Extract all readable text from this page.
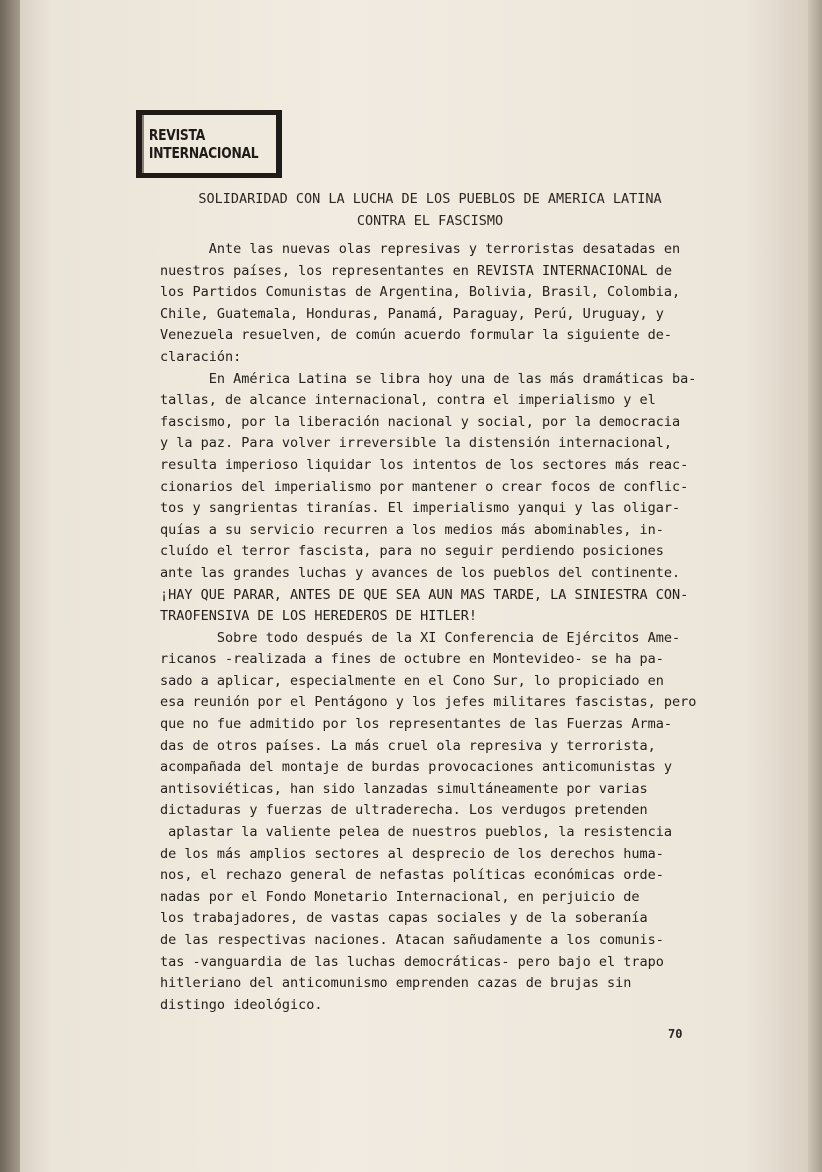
REVISTA
INTERNACIONAL
SOLIDARIDAD CON LA LUCHA DE LOS PUEBLOS DE AMERICA LATINA
CONTRA EL FASCISMO
Ante las nuevas olas represivas y terroristas desatadas en
nuestros países, los representantes en REVISTA INTERNACIONAL de
los Partidos Comunistas de Argentina, Bolivia, Brasil, Colombia,
Chile, Guatemala, Honduras, Panamá, Paraguay, Perú, Uruguay, y
Venezuela resuelven, de común acuerdo formular la siguiente de-
claración:
En América Latina se libra hoy una de las más dramáticas ba-
tallas, de alcance internacional, contra el imperialismo y el
fascismo, por la liberación nacional y social, por la democracia
y la paz. Para volver irreversible la distensión internacional,
resulta imperioso liquidar los intentos de los sectores más reac-
cionarios del imperialismo por mantener o crear focos de conflic-
tos y sangrientas tiranías. El imperialismo yanqui y las oligar-
quías a su servicio recurren a los medios más abominables, in-
cluído el terror fascista, para no seguir perdiendo posiciones
ante las grandes luchas y avances de los pueblos del continente.
¡HAY QUE PARAR, ANTES DE QUE SEA AUN MAS TARDE, LA SINIESTRA CON-
TRAOFENSIVA DE LOS HEREDEROS DE HITLER!
Sobre todo después de la XI Conferencia de Ejércitos Ame-
ricanos -realizada a fines de octubre en Montevideo- se ha pa-
sado a aplicar, especialmente en el Cono Sur, lo propiciado en
esa reunión por el Pentágono y los jefes militares fascistas, pero
que no fue admitido por los representantes de las Fuerzas Arma-
das de otros países. La más cruel ola represiva y terrorista,
acompañada del montaje de burdas provocaciones anticomunistas y
antisoviéticas, han sido lanzadas simultáneamente por varias
dictaduras y fuerzas de ultraderecha. Los verdugos pretenden
aplastar la valiente pelea de nuestros pueblos, la resistencia
de los más amplios sectores al desprecio de los derechos huma-
nos, el rechazo general de nefastas políticas económicas orde-
nadas por el Fondo Monetario Internacional, en perjuicio de
los trabajadores, de vastas capas sociales y de la soberanía
de las respectivas naciones. Atacan sañudamente a los comunis-
tas -vanguardia de las luchas democráticas- pero bajo el trapo
hitleriano del anticomunismo emprenden cazas de brujas sin
distingo ideológico.
70
